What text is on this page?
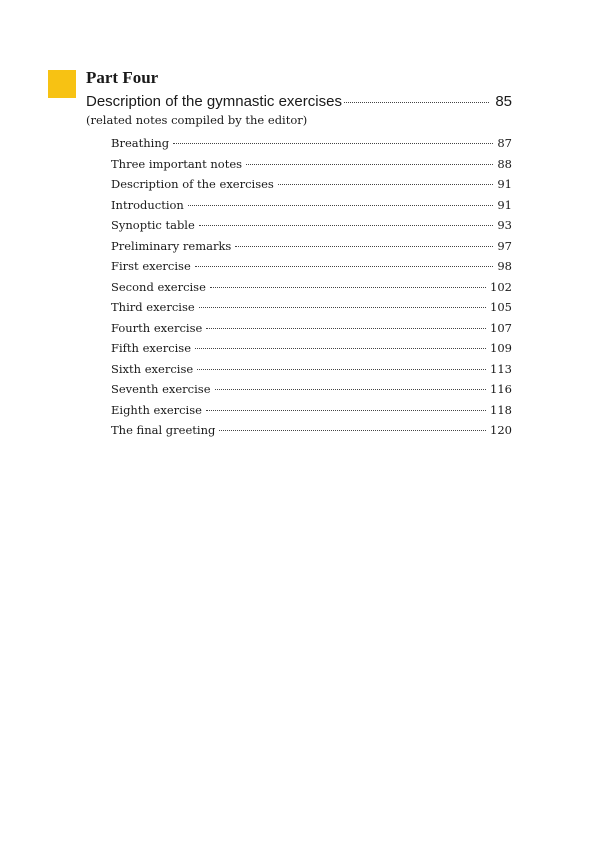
Part Four
Description of the gymnastic exercises	85
(related notes compiled by the editor)
Breathing	87
Three important notes	88
Description of the exercises	91
Introduction	91
Synoptic table	93
Preliminary remarks	97
First exercise	98
Second exercise	102
Third exercise	105
Fourth exercise	107
Fifth exercise	109
Sixth exercise	113
Seventh exercise	116
Eighth exercise	118
The final greeting	120
